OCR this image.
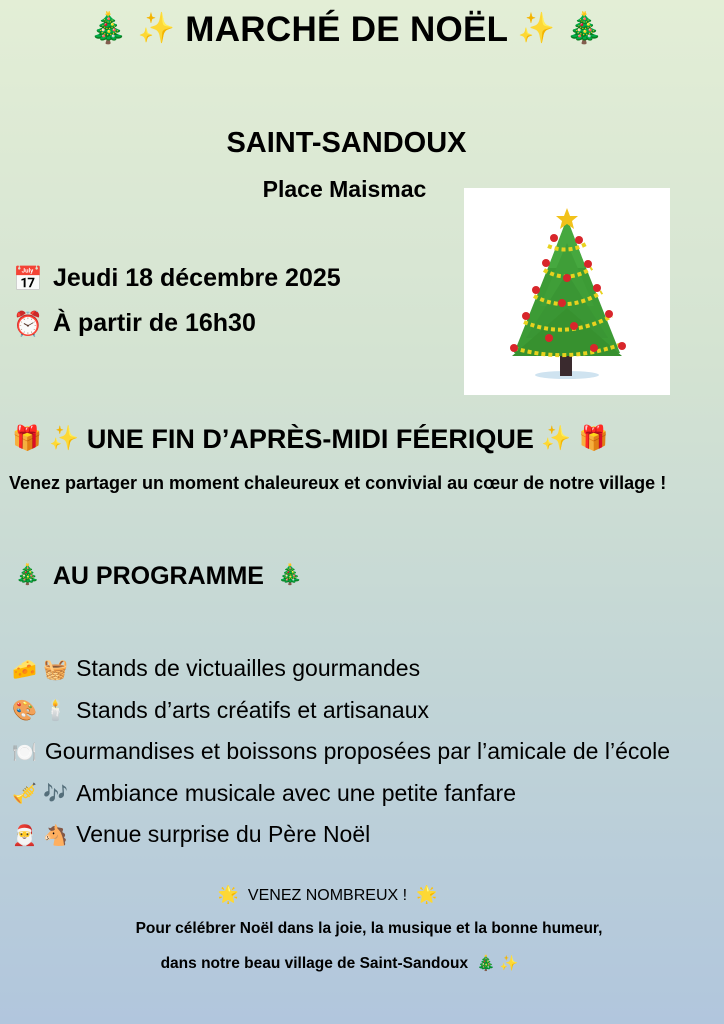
🎄 ✨ MARCHÉ DE NOËL ✨ 🎄
SAINT-SANDOUX
Place Maismac
📅 Jeudi 18 décembre 2025
⏰ À partir de 16h30
🎁 ✨ UNE FIN D’APRÈS-MIDI FÉERIQUE ✨ 🎁
Venez partager un moment chaleureux et convivial au cœur de notre village !
🎄 AU PROGRAMME 🎄
🧀 🧺 Stands de victuailles gourmandes
🎨 🕯️ Stands d’arts créatifs et artisanaux
🍽️ Gourmandises et boissons proposées par l’amicale de l’école
🎺 🎶 Ambiance musicale avec une petite fanfare
🎅 🐴 Venue surprise du Père Noël
🌟 VENEZ NOMBREUX ! 🌟
Pour célébrer Noël dans la joie, la musique et la bonne humeur,
dans notre beau village de Saint-Sandoux 🎄 ✨
